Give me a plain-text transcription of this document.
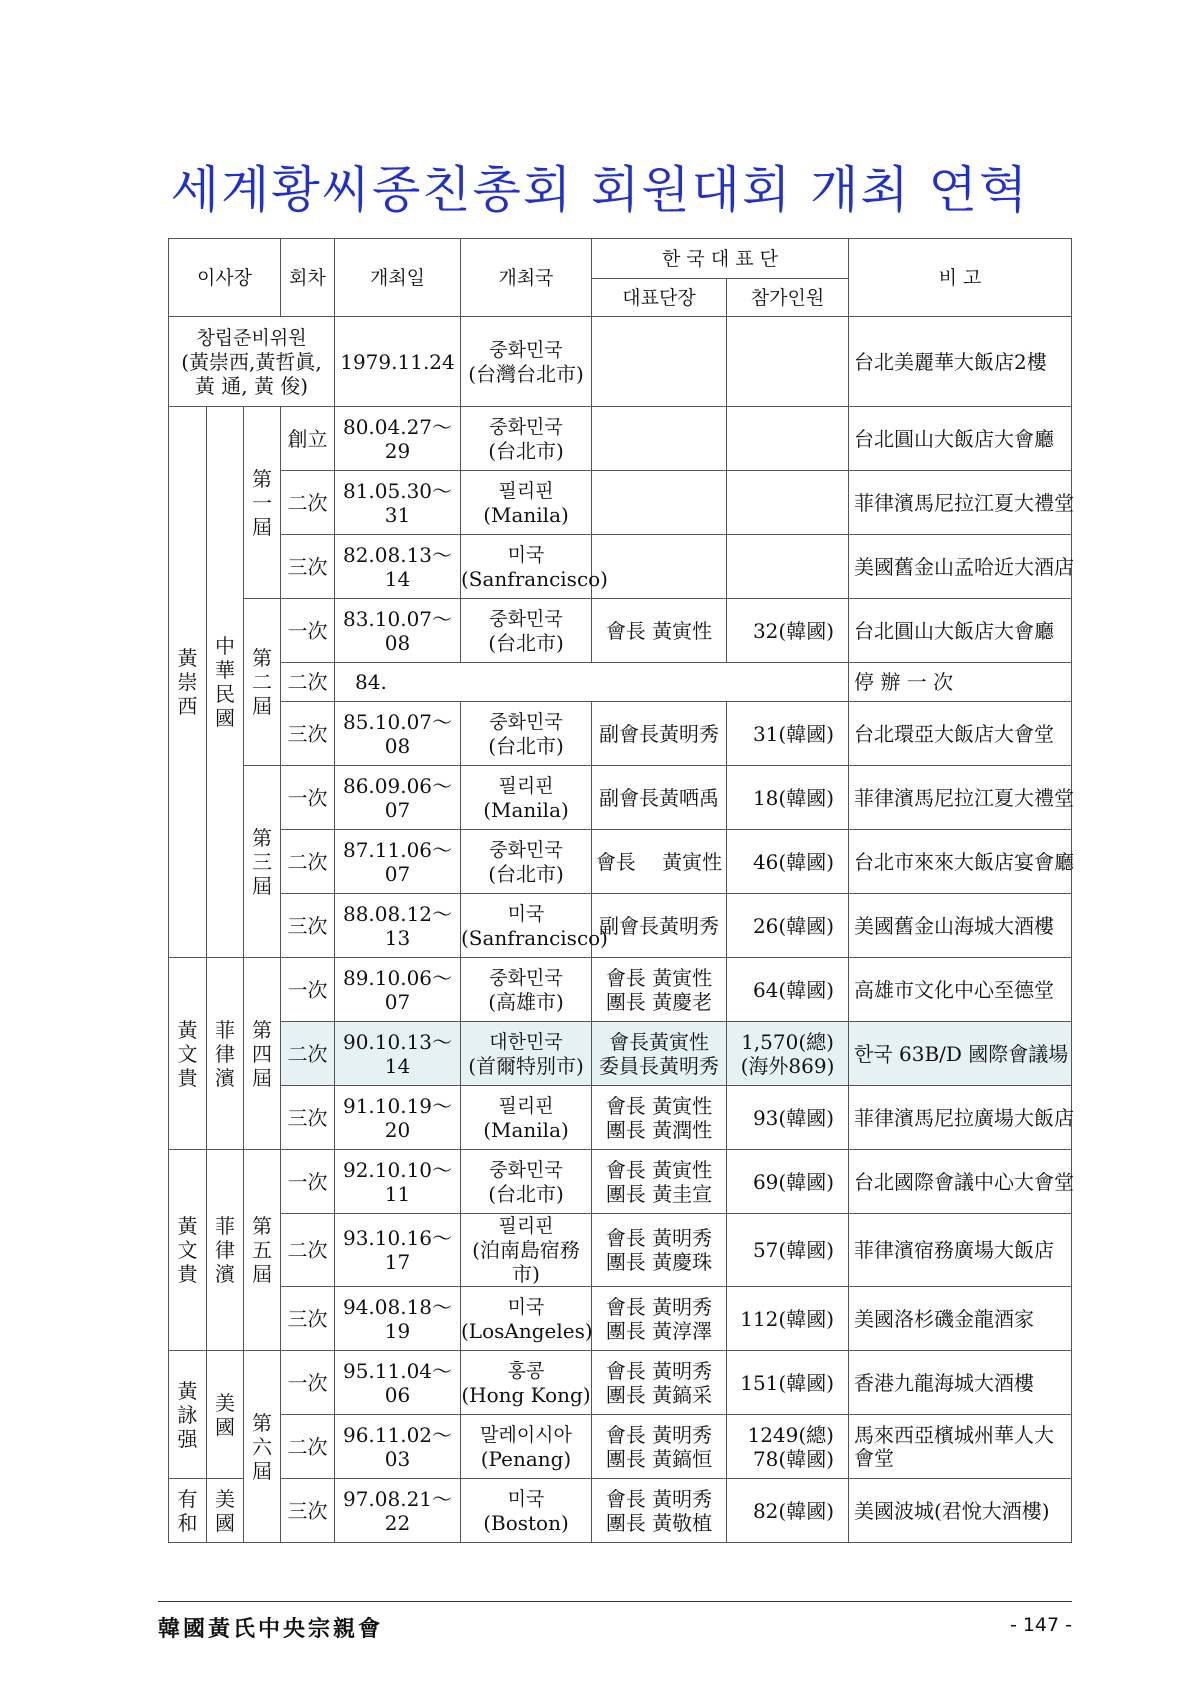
세계황씨종친총회 회원대회 개최 연혁
이사장			회차	개최일	개최국	한 국 대 표 단		비 고
						대표단장	참가인원	

창립준비위원
(黃崇西,黃哲眞,
黃 通, 黃 俊)				1979.11.24	중화민국
(台灣台北市)			台北美麗華大飯店2樓

黃
崇
西	中
華
民
國	第
一
屆	創立	80.04.27～29	중화민국
(台北市)			台北圓山大飯店大會廳
			二次	81.05.30～31	필리핀
(Manila)			菲律濱馬尼拉江夏大禮堂
			三次	82.08.13～14	미국
(Sanfrancisco)			美國舊金山孟哈近大酒店

		第
二
屆	一次	83.10.07～08	중화민국
(台北市)	會長 黃寅性	32(韓國)	台北圓山大飯店大會廳
			二次	84.				停 辦 一 次
			三次	85.10.07～08	중화민국
(台北市)	副會長黃明秀	31(韓國)	台北環亞大飯店大會堂

		第
三
屆	一次	86.09.06～07	필리핀
(Manila)	副會長黃哂禹	18(韓國)	菲律濱馬尼拉江夏大禮堂
			二次	87.11.06～07	중화민국
(台北市)	會長 　黃寅性	46(韓國)	台北市來來大飯店宴會廳
			三次	88.08.12～13	미국
(Sanfrancisco)	副會長黃明秀	26(韓國)	美國舊金山海城大酒樓

黃
文
貴	菲
律
濱	第
四
屆	一次	89.10.06～07	중화민국
(高雄市)	會長 黃寅性
團長 黃慶老	64(韓國)	高雄市文化中心至德堂
			二次	90.10.13～14	대한민국
(首爾特別市)	會長黃寅性
委員長黃明秀	1,570(總)
(海外869)	한국 63B/D 國際會議場
			三次	91.10.19～20	필리핀
(Manila)	會長 黃寅性
團長 黃潤性	93(韓國)	菲律濱馬尼拉廣場大飯店

黃
文
貴	菲
律
濱	第
五
屆	一次	92.10.10～11	중화민국
(台北市)	會長 黃寅性
團長 黃圭宣	69(韓國)	台北國際會議中心大會堂
			二次	93.10.16～17	필리핀
(泊南島宿務市)	會長 黃明秀
團長 黃慶珠	57(韓國)	菲律濱宿務廣場大飯店
			三次	94.08.18～19	미국
(LosAngeles)	會長 黃明秀
團長 黃淳澤	112(韓國)	美國洛杉磯金龍酒家

黃
詠
强	美
國	第
六
屆	一次	95.11.04～06	홍콩
(Hong Kong)	會長 黃明秀
團長 黃鎬采	151(韓國)	香港九龍海城大酒樓
			二次	96.11.02～03	말레이시아
(Penang)	會長 黃明秀
團長 黃鎬恒	1249(總)
78(韓國)	馬來西亞檳城州華人大會堂

有
和	美
國		三次	97.08.21～22	미국
(Boston)	會長 黃明秀
團長 黃敬植	82(韓國)	美國波城(君悅大酒樓)
韓國黃氏中央宗親會	- 147 -
